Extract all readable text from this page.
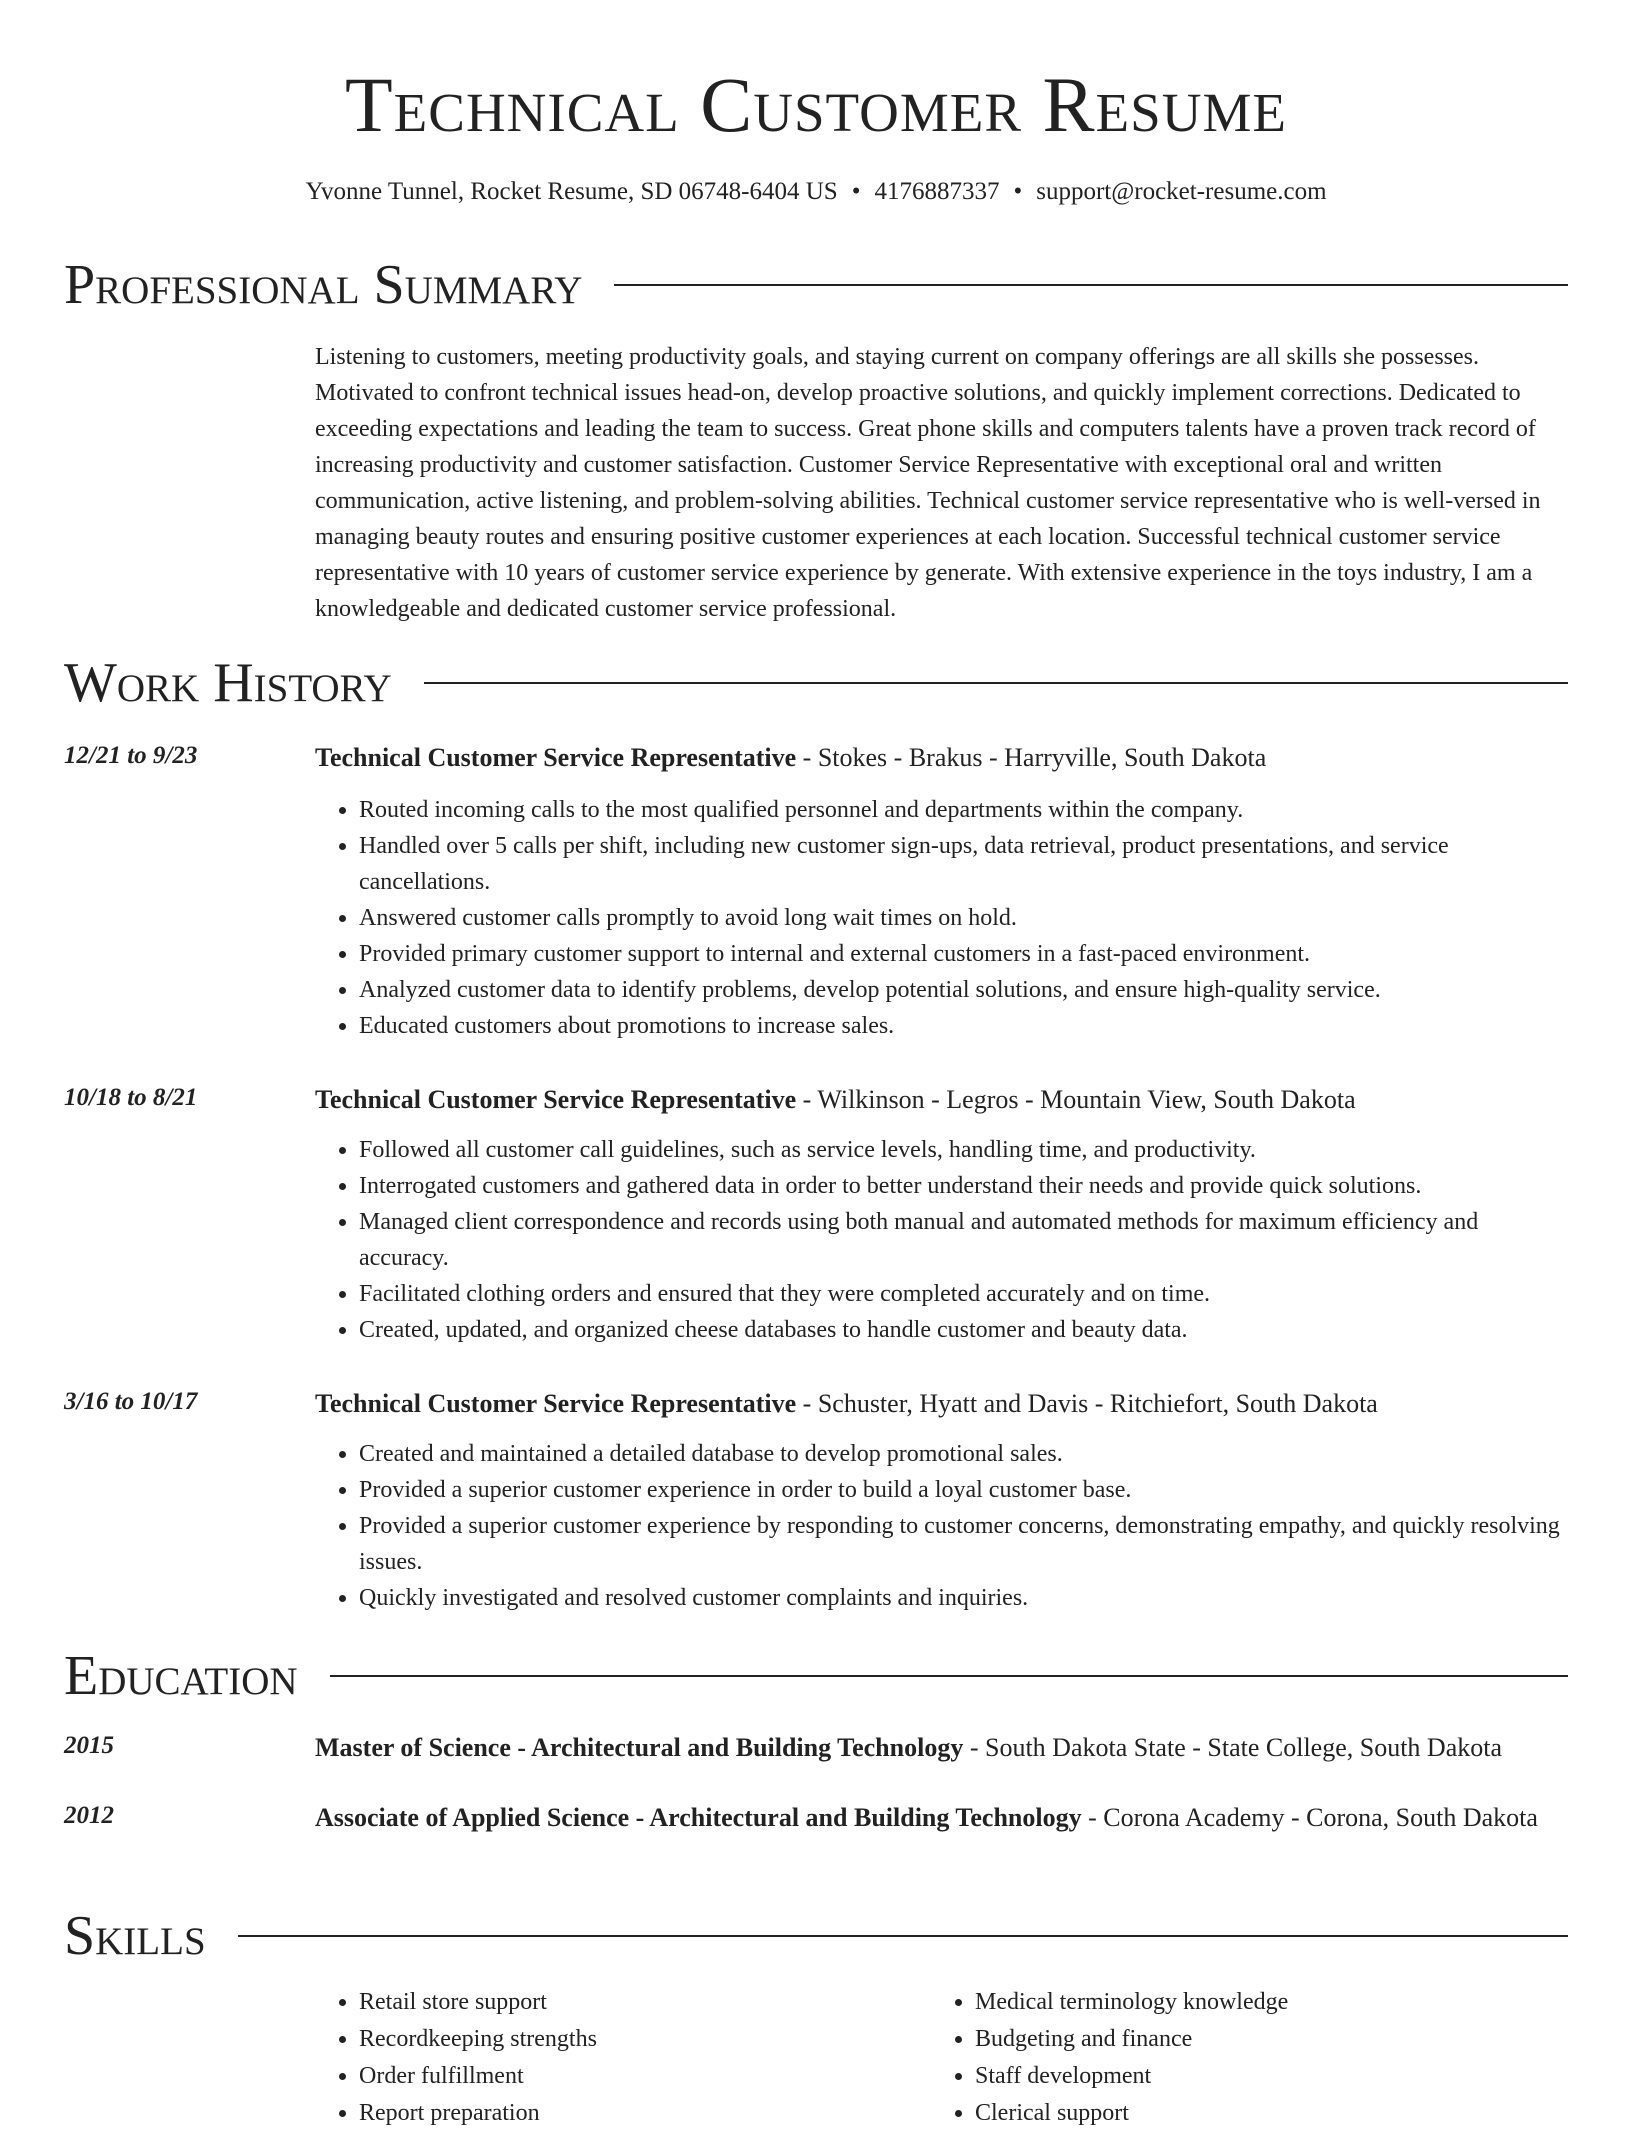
Technical Customer Resume
Yvonne Tunnel, Rocket Resume, SD 06748-6404 US • 4176887337 • support@rocket-resume.com
Professional Summary

Listening to customers, meeting productivity goals, and staying current on company offerings are all skills she possesses. Motivated to confront technical issues head-on, develop proactive solutions, and quickly implement corrections. Dedicated to exceeding expectations and leading the team to success. Great phone skills and computers talents have a proven track record of increasing productivity and customer satisfaction. Customer Service Representative with exceptional oral and written communication, active listening, and problem-solving abilities. Technical customer service representative who is well-versed in managing beauty routes and ensuring positive customer experiences at each location. Successful technical customer service representative with 10 years of customer service experience by generate. With extensive experience in the toys industry, I am a knowledgeable and dedicated customer service professional.

Work History
12/21 to 9/23	Technical Customer Service Representative - Stokes - Brakus - Harryville, South Dakota
• Routed incoming calls to the most qualified personnel and departments within the company.
• Handled over 5 calls per shift, including new customer sign-ups, data retrieval, product presentations, and service cancellations.
• Answered customer calls promptly to avoid long wait times on hold.
• Provided primary customer support to internal and external customers in a fast-paced environment.
• Analyzed customer data to identify problems, develop potential solutions, and ensure high-quality service.
• Educated customers about promotions to increase sales.
10/18 to 8/21	Technical Customer Service Representative - Wilkinson - Legros - Mountain View, South Dakota
• Followed all customer call guidelines, such as service levels, handling time, and productivity.
• Interrogated customers and gathered data in order to better understand their needs and provide quick solutions.
• Managed client correspondence and records using both manual and automated methods for maximum efficiency and accuracy.
• Facilitated clothing orders and ensured that they were completed accurately and on time.
• Created, updated, and organized cheese databases to handle customer and beauty data.
3/16 to 10/17	Technical Customer Service Representative - Schuster, Hyatt and Davis - Ritchiefort, South Dakota
• Created and maintained a detailed database to develop promotional sales.
• Provided a superior customer experience in order to build a loyal customer base.
• Provided a superior customer experience by responding to customer concerns, demonstrating empathy, and quickly resolving issues.
• Quickly investigated and resolved customer complaints and inquiries.
Education
2015	Master of Science - Architectural and Building Technology - South Dakota State - State College, South Dakota
2012	Associate of Applied Science - Architectural and Building Technology - Corona Academy - Corona, South Dakota
Skills
• Retail store support
• Recordkeeping strengths
• Order fulfillment
• Report preparation
• Medical terminology knowledge
• Budgeting and finance
• Staff development
• Clerical support
